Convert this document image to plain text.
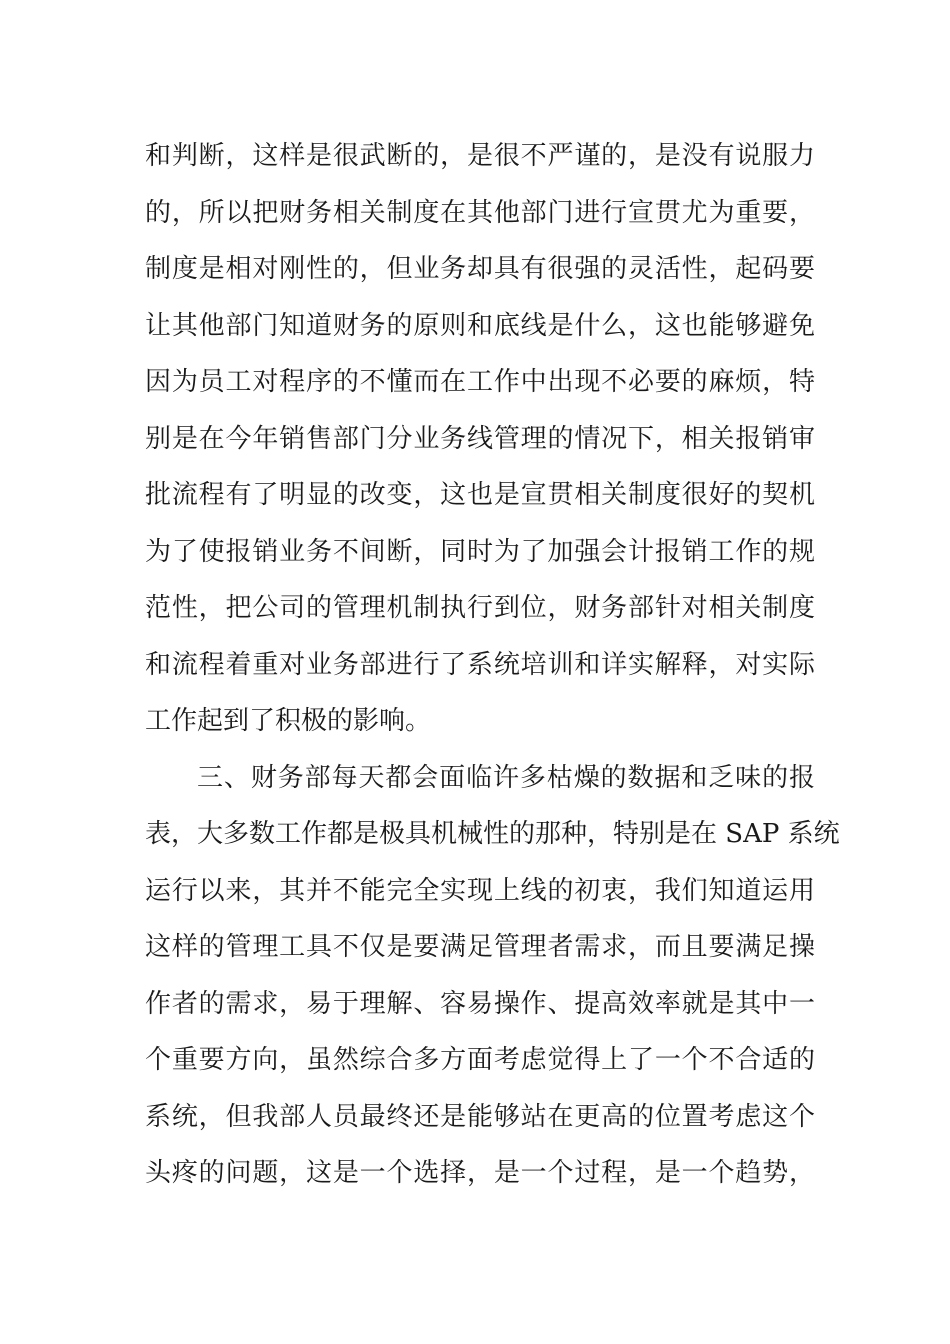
和判断，这样是很武断的，是很不严谨的，是没有说服力
的，所以把财务相关制度在其他部门进行宣贯尤为重要，
制度是相对刚性的，但业务却具有很强的灵活性，起码要
让其他部门知道财务的原则和底线是什么，这也能够避免
因为员工对程序的不懂而在工作中出现不必要的麻烦，特
别是在今年销售部门分业务线管理的情况下，相关报销审
批流程有了明显的改变，这也是宣贯相关制度很好的契机
为了使报销业务不间断，同时为了加强会计报销工作的规
范性，把公司的管理机制执行到位，财务部针对相关制度
和流程着重对业务部进行了系统培训和详实解释，对实际
工作起到了积极的影响。
三、财务部每天都会面临许多枯燥的数据和乏味的报
表，大多数工作都是极具机械性的那种，特别是在 SAP 系统
运行以来，其并不能完全实现上线的初衷，我们知道运用
这样的管理工具不仅是要满足管理者需求，而且要满足操
作者的需求，易于理解、容易操作、提高效率就是其中一
个重要方向，虽然综合多方面考虑觉得上了一个不合适的
系统，但我部人员最终还是能够站在更高的位置考虑这个
头疼的问题，这是一个选择，是一个过程，是一个趋势，
